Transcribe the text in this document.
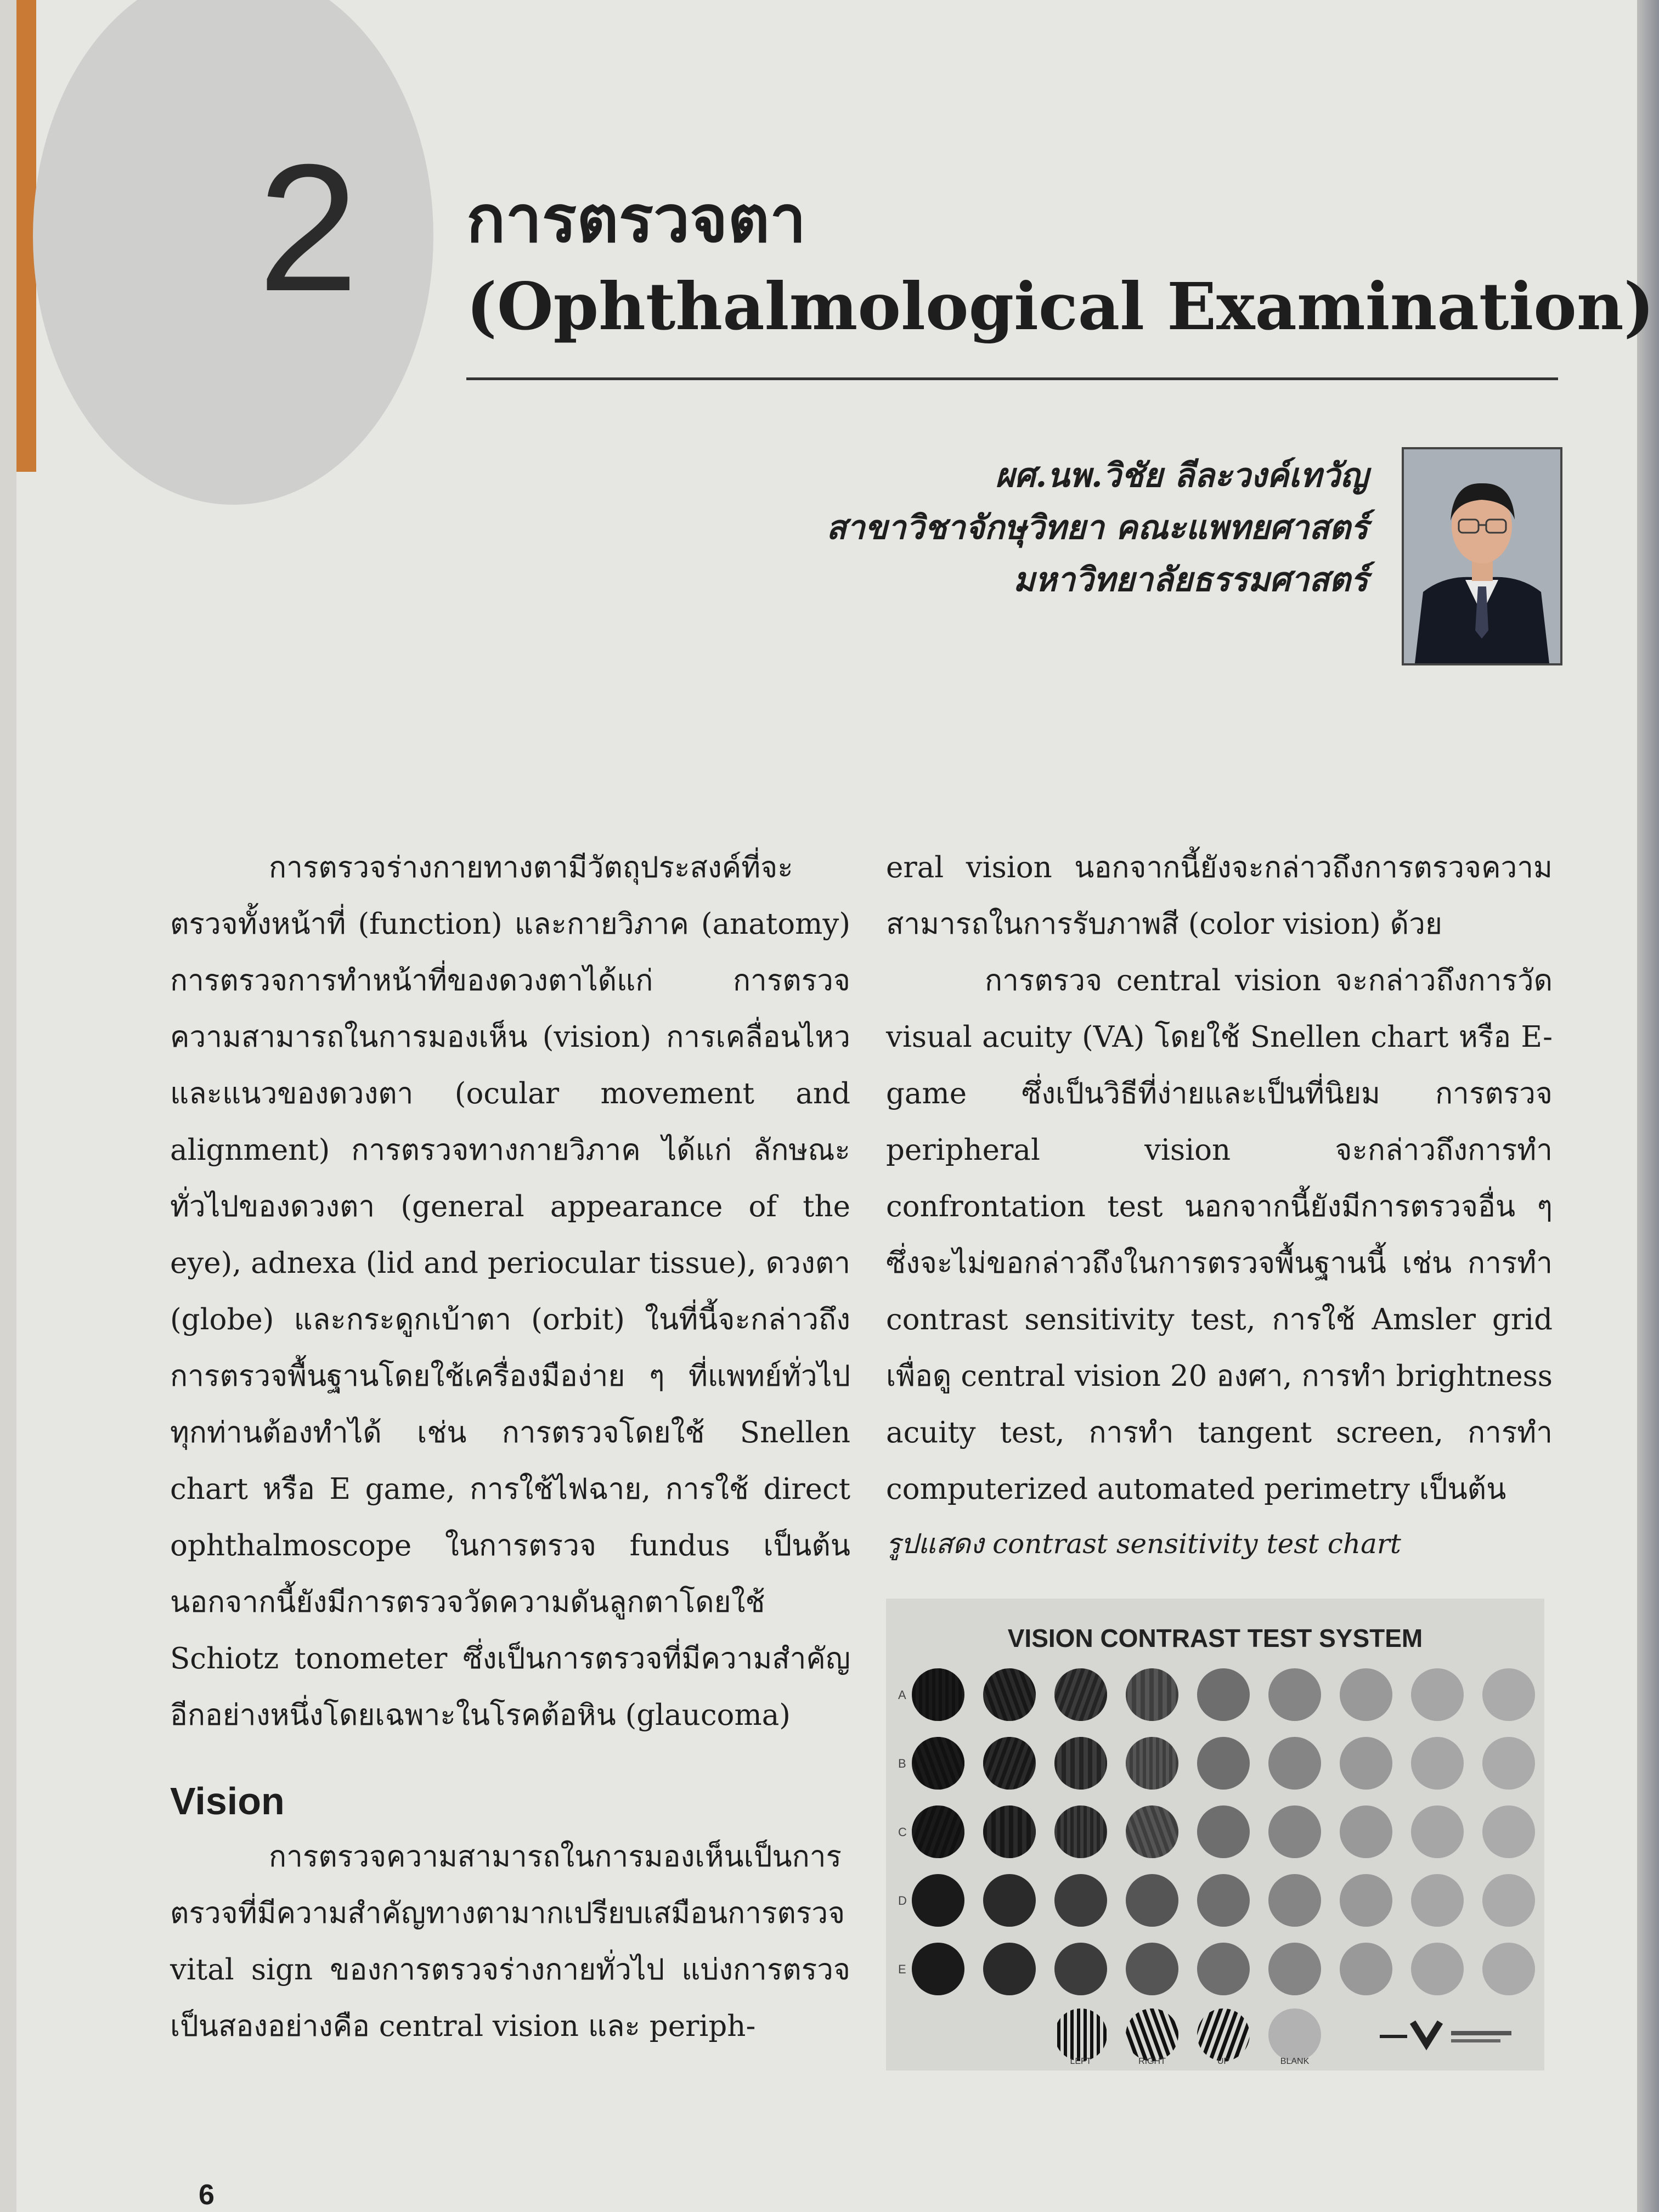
2 การตรวจตา
(Ophthalmological Examination)
ผศ.นพ.วิชัย ลีละวงค์เทวัญ
สาขาวิชาจักษุวิทยา คณะแพทยศาสตร์
มหาวิทยาลัยธรรมศาสตร์

การตรวจร่างกายทางตามีวัตถุประสงค์ที่จะตรวจทั้งหน้าที่ (function) และกายวิภาค (anatomy) การตรวจการทำหน้าที่ของดวงตาได้แก่ การตรวจความสามารถในการมองเห็น (vision) การเคลื่อนไหวและแนวของดวงตา (ocular movement and alignment) การตรวจทางกายวิภาค ได้แก่ ลักษณะทั่วไปของดวงตา (general appearance of the eye), adnexa (lid and periocular tissue), ดวงตา (globe) และกระดูกเบ้าตา (orbit) ในที่นี้จะกล่าวถึงการตรวจพื้นฐานโดยใช้เครื่องมือง่าย ๆ ที่แพทย์ทั่วไปทุกท่านต้องทำได้ เช่น การตรวจโดยใช้ Snellen chart หรือ E game, การใช้ไฟฉาย, การใช้ direct ophthalmoscope ในการตรวจ fundus เป็นต้น นอกจากนี้ยังมีการตรวจวัดความดันลูกตาโดยใช้ Schiotz tonometer ซึ่งเป็นการตรวจที่มีความสำคัญอีกอย่างหนึ่งโดยเฉพาะในโรคต้อหิน (glaucoma)

Vision

การตรวจความสามารถในการมองเห็นเป็นการตรวจที่มีความสำคัญทางตามากเปรียบเสมือนการตรวจ vital sign ของการตรวจร่างกายทั่วไป แบ่งการตรวจเป็นสองอย่างคือ central vision และ periph-

eral vision นอกจากนี้ยังจะกล่าวถึงการตรวจความสามารถในการรับภาพสี (color vision) ด้วย

การตรวจ central vision จะกล่าวถึงการวัด visual acuity (VA) โดยใช้ Snellen chart หรือ E-game ซึ่งเป็นวิธีที่ง่ายและเป็นที่นิยม การตรวจ peripheral vision จะกล่าวถึงการทำ confrontation test นอกจากนี้ยังมีการตรวจอื่น ๆ ซึ่งจะไม่ขอกล่าวถึงในการตรวจพื้นฐานนี้ เช่น การทำ contrast sensitivity test, การใช้ Amsler grid เพื่อดู central vision 20 องศา, การทำ brightness acuity test, การทำ tangent screen, การทำ computerized automated perimetry เป็นต้น

รูปแสดง contrast sensitivity test chart
VISION CONTRAST TEST SYSTEM
A
B
C
D
E
LEFT	RIGHT	UP	BLANK
6
